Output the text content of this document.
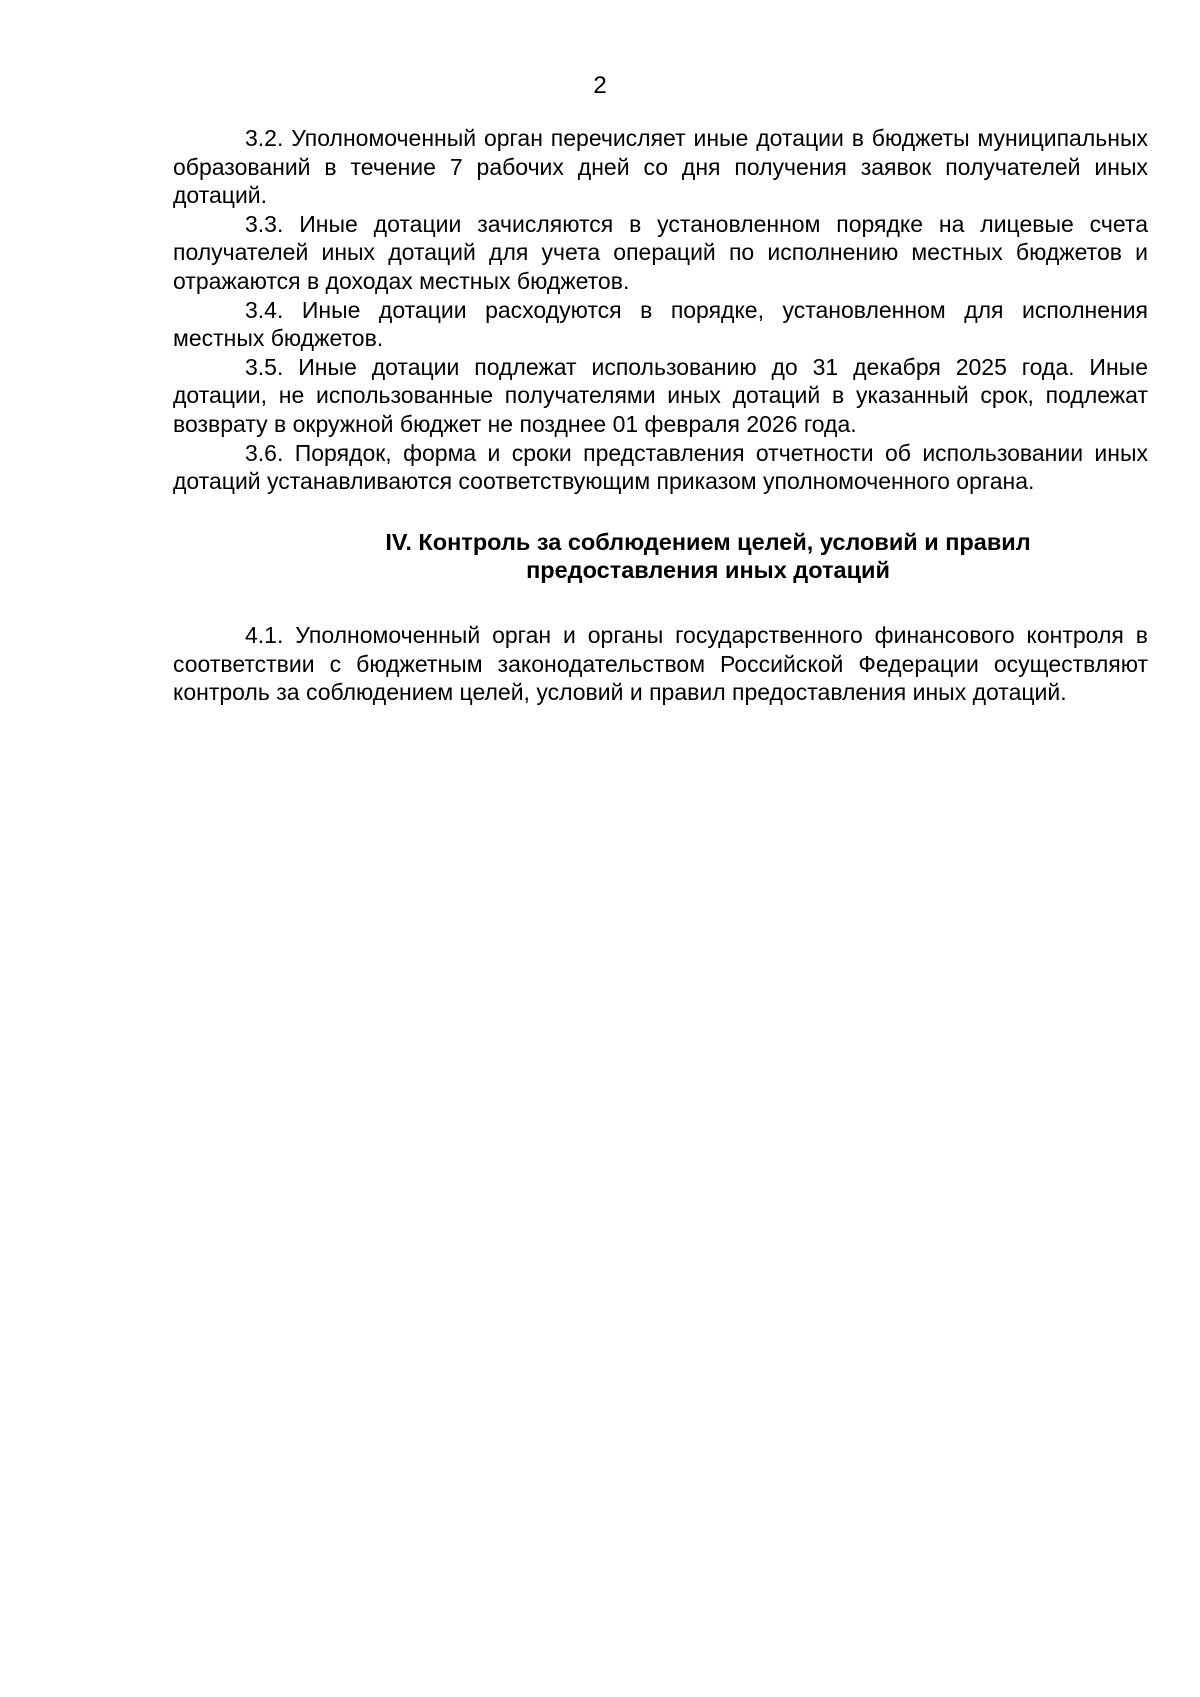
2

3.2. Уполномоченный орган перечисляет иные дотации в бюджеты муниципальных образований в течение 7 рабочих дней со дня получения заявок получателей иных дотаций.

3.3. Иные дотации зачисляются в установленном порядке на лицевые счета получателей иных дотаций для учета операций по исполнению местных бюджетов и отражаются в доходах местных бюджетов.

3.4. Иные дотации расходуются в порядке, установленном для исполнения местных бюджетов.

3.5. Иные дотации подлежат использованию до 31 декабря 2025 года. Иные дотации, не использованные получателями иных дотаций в указанный срок, подлежат возврату в окружной бюджет не позднее 01 февраля 2026 года.

3.6. Порядок, форма и сроки представления отчетности об использовании иных дотаций устанавливаются соответствующим приказом уполномоченного органа.

IV. Контроль за соблюдением целей, условий и правил
предоставления иных дотаций

4.1. Уполномоченный орган и органы государственного финансового контроля в соответствии с бюджетным законодательством Российской Федерации осуществляют контроль за соблюдением целей, условий и правил предоставления иных дотаций.
